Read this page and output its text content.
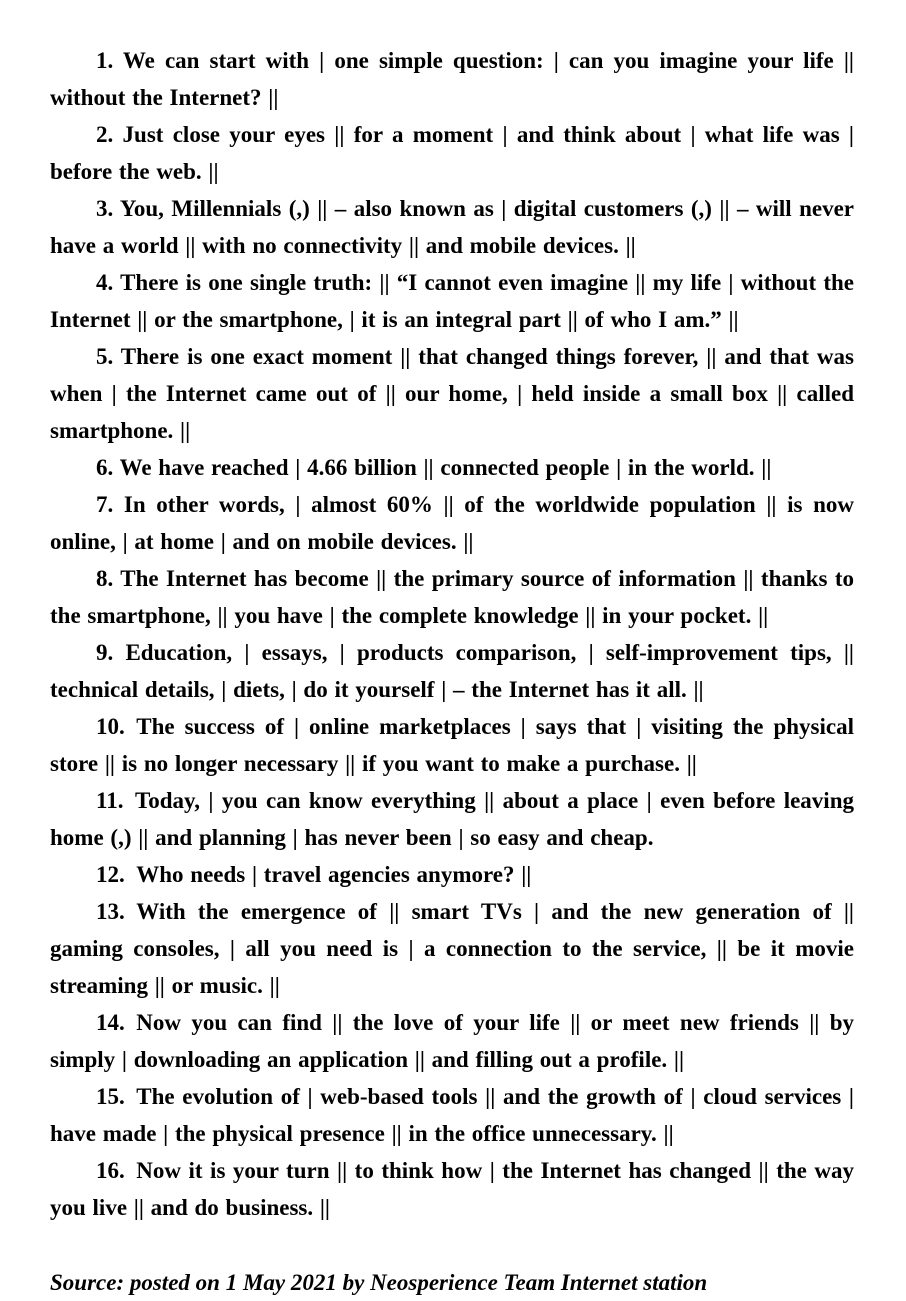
1. We can start with | one simple question: | can you imagine your life || without the Internet? ||

2. Just close your eyes || for a moment | and think about | what life was | before the web. ||

3. You, Millennials (,) || – also known as | digital customers (,) || – will never have a world || with no connectivity || and mobile devices. ||

4. There is one single truth: || “I cannot even imagine || my life | without the Internet || or the smartphone, | it is an integral part || of who I am.” ||

5. There is one exact moment || that changed things forever, || and that was when | the Internet came out of || our home, | held inside a small box || called smartphone. ||

6. We have reached | 4.66 billion || connected people | in the world. ||

7. In other words, | almost 60% || of the worldwide population || is now online, | at home | and on mobile devices. ||

8. The Internet has become || the primary source of information || thanks to the smartphone, || you have | the complete knowledge || in your pocket. ||

9. Education, | essays, | products comparison, | self-improvement tips, || technical details, | diets, | do it yourself | – the Internet has it all. ||

10. The success of | online marketplaces | says that | visiting the physical store || is no longer necessary || if you want to make a purchase. ||

11. Today, | you can know everything || about a place | even before leaving home (,) || and planning | has never been | so easy and cheap.

12. Who needs | travel agencies anymore? ||

13. With the emergence of || smart TVs | and the new generation of || gaming consoles, | all you need is | a connection to the service, || be it movie streaming || or music. ||

14. Now you can find || the love of your life || or meet new friends || by simply | downloading an application || and filling out a profile. ||

15. The evolution of | web-based tools || and the growth of | cloud services | have made | the physical presence || in the office unnecessary. ||

16. Now it is your turn || to think how | the Internet has changed || the way you live || and do business. ||

Source: posted on 1 May 2021 by Neosperience Team Internet station
